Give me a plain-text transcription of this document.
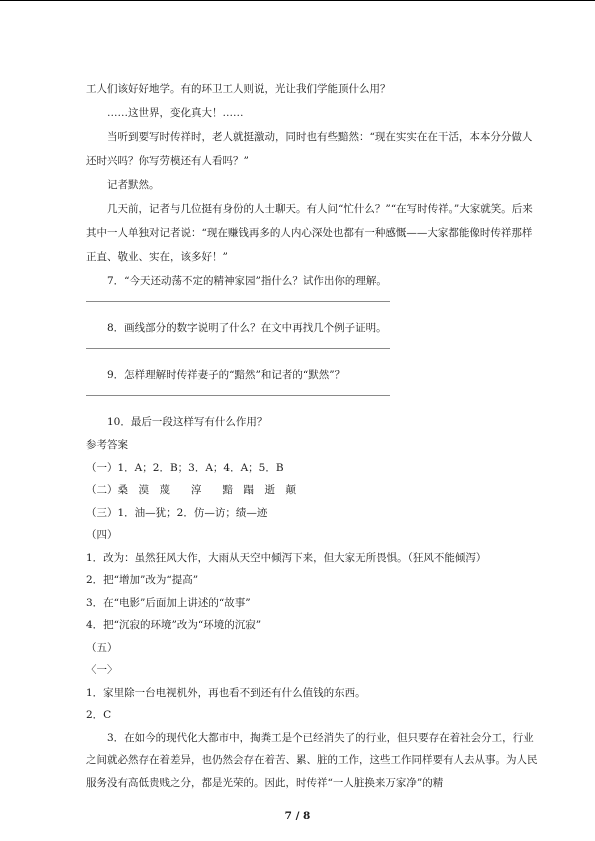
工人们该好好地学。有的环卫工人则说，光让我们学能顶什么用？

……这世界，变化真大！……

当听到要写时传祥时，老人就挺激动，同时也有些黯然：“现在实实在在干活，本本分分做人还时兴吗？你写劳模还有人看吗？”

记者默然。

几天前，记者与几位挺有身份的人士聊天。有人问“忙什么？”“在写时传祥。”大家就笑。后来其中一人单独对记者说：“现在赚钱再多的人内心深处也都有一种感慨——大家都能像时传祥那样正直、敬业、实在，该多好！”

7．“今天还动荡不定的精神家园”指什么？试作出你的理解。

8．画线部分的数字说明了什么？在文中再找几个例子证明。

9．怎样理解时传祥妻子的“黯然”和记者的“默然”？

10．最后一段这样写有什么作用？

参考答案

（一）1．A；2．B；3．A；4．A；5．B

（二）桑　漠　蔑　　淳　　黯　蹋　逝　颠

（三）1．油—犹；2．仿—访；绩—迹

（四）

1．改为：虽然狂风大作，大雨从天空中倾泻下来，但大家无所畏惧。（狂风不能倾泻）

2．把“增加”改为“提高”

3．在“电影”后面加上讲述的“故事”

4．把“沉寂的环境”改为“环境的沉寂”

（五）

〈一〉

1．家里除一台电视机外，再也看不到还有什么值钱的东西。

2．C

3．在如今的现代化大都市中，掏粪工是个已经消失了的行业，但只要存在着社会分工，行业之间就必然存在着差异，也仍然会存在着苦、累、脏的工作，这些工作同样要有人去从事。为人民服务没有高低贵贱之分，都是光荣的。因此，时传祥“一人脏换来万家净”的精

7 / 8
